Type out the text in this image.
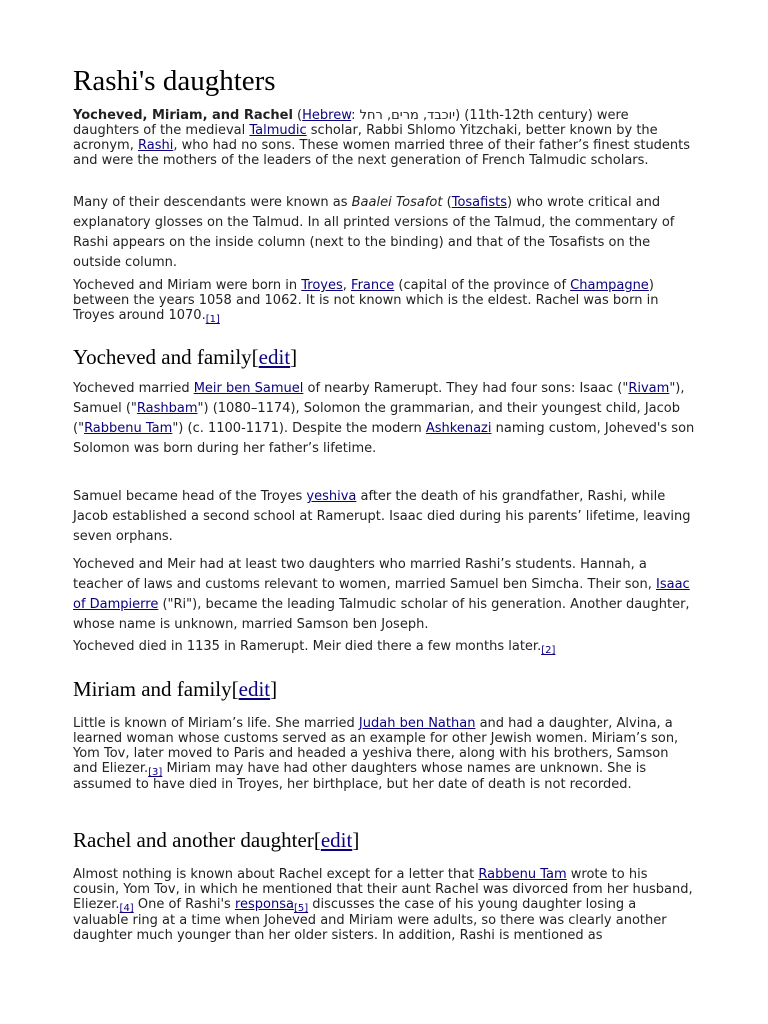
Rashi's daughters

Yocheved, Miriam, and Rachel (Hebrew: יוכבד, מרים, רחל) (11th-12th century) were daughters of the medieval Talmudic scholar, Rabbi Shlomo Yitzchaki, better known by the acronym, Rashi, who had no sons. These women married three of their father’s finest students and were the mothers of the leaders of the next generation of French Talmudic scholars.

Many of their descendants were known as Baalei Tosafot (Tosafists) who wrote critical and explanatory glosses on the Talmud. In all printed versions of the Talmud, the commentary of Rashi appears on the inside column (next to the binding) and that of the Tosafists on the outside column.

Yocheved and Miriam were born in Troyes, France (capital of the province of Champagne) between the years 1058 and 1062. It is not known which is the eldest. Rachel was born in Troyes around 1070.[1]

Yocheved and family[edit]

Yocheved married Meir ben Samuel of nearby Ramerupt. They had four sons: Isaac ("Rivam"), Samuel ("Rashbam") (1080–1174), Solomon the grammarian, and their youngest child, Jacob ("Rabbenu Tam") (c. 1100-1171). Despite the modern Ashkenazi naming custom, Joheved's son Solomon was born during her father’s lifetime.

Samuel became head of the Troyes yeshiva after the death of his grandfather, Rashi, while Jacob established a second school at Ramerupt. Isaac died during his parents’ lifetime, leaving seven orphans.

Yocheved and Meir had at least two daughters who married Rashi’s students. Hannah, a teacher of laws and customs relevant to women, married Samuel ben Simcha. Their son, Isaac of Dampierre ("Ri"), became the leading Talmudic scholar of his generation. Another daughter, whose name is unknown, married Samson ben Joseph.

Yocheved died in 1135 in Ramerupt. Meir died there a few months later.[2]

Miriam and family[edit]

Little is known of Miriam’s life. She married Judah ben Nathan and had a daughter, Alvina, a learned woman whose customs served as an example for other Jewish women. Miriam’s son, Yom Tov, later moved to Paris and headed a yeshiva there, along with his brothers, Samson and Eliezer.[3] Miriam may have had other daughters whose names are unknown. She is assumed to have died in Troyes, her birthplace, but her date of death is not recorded.

Rachel and another daughter[edit]

Almost nothing is known about Rachel except for a letter that Rabbenu Tam wrote to his cousin, Yom Tov, in which he mentioned that their aunt Rachel was divorced from her husband, Eliezer.[4] One of Rashi's responsa[5] discusses the case of his young daughter losing a valuable ring at a time when Joheved and Miriam were adults, so there was clearly another daughter much younger than her older sisters. In addition, Rashi is mentioned as
